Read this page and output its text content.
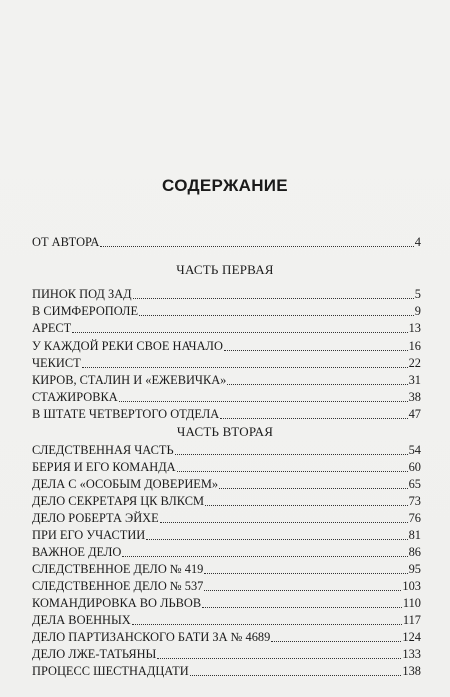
СОДЕРЖАНИЕ
ОТ АВТОРА	4
ЧАСТЬ ПЕРВАЯ
ПИНОК ПОД ЗАД	5
В СИМФЕРОПОЛЕ	9
АРЕСТ	13
У КАЖДОЙ РЕКИ СВОЕ НАЧАЛО	16
ЧЕКИСТ	22
КИРОВ, СТАЛИН И «ЕЖЕВИЧКА»	31
СТАЖИРОВКА	38
В ШТАТЕ ЧЕТВЕРТОГО ОТДЕЛА	47
ЧАСТЬ ВТОРАЯ
СЛЕДСТВЕННАЯ ЧАСТЬ	54
БЕРИЯ И ЕГО КОМАНДА	60
ДЕЛА С «ОСОБЫМ ДОВЕРИЕМ»	65
ДЕЛО СЕКРЕТАРЯ ЦК ВЛКСМ	73
ДЕЛО РОБЕРТА ЭЙХЕ	76
ПРИ ЕГО УЧАСТИИ	81
ВАЖНОЕ ДЕЛО	86
СЛЕДСТВЕННОЕ ДЕЛО № 419	95
СЛЕДСТВЕННОЕ ДЕЛО № 537	103
КОМАНДИРОВКА ВО ЛЬВОВ	110
ДЕЛА ВОЕННЫХ	117
ДЕЛО ПАРТИЗАНСКОГО БАТИ ЗА № 4689	124
ДЕЛО ЛЖЕ-ТАТЬЯНЫ	133
ПРОЦЕСС ШЕСТНАДЦАТИ	138
